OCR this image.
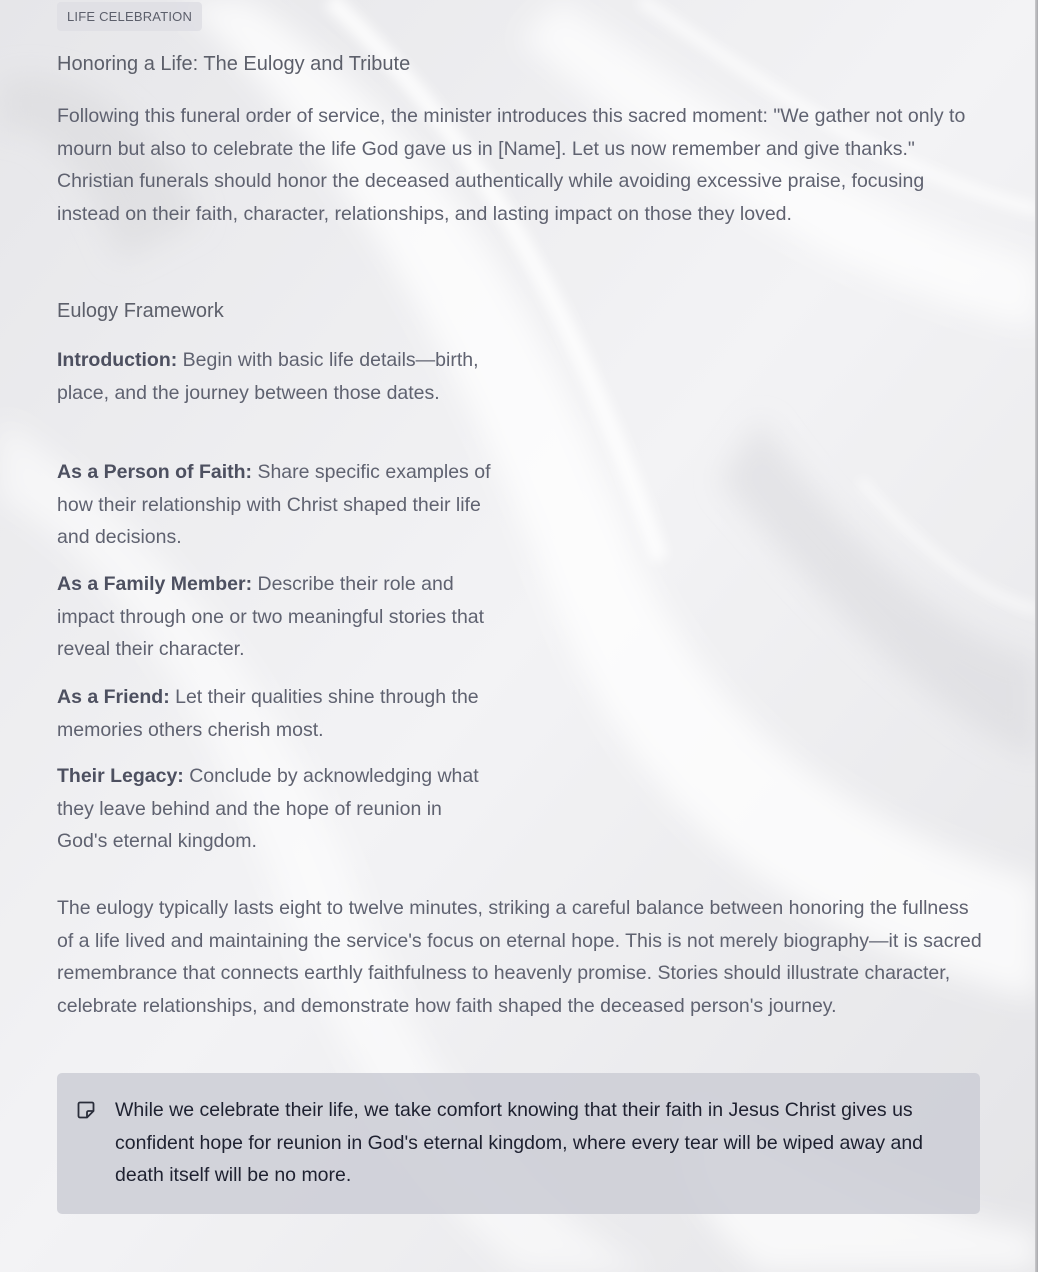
LIFE CELEBRATION
Honoring a Life: The Eulogy and Tribute

Following this funeral order of service, the minister introduces this sacred moment: "We gather not only to mourn but also to celebrate the life God gave us in [Name]. Let us now remember and give thanks." Christian funerals should honor the deceased authentically while avoiding excessive praise, focusing instead on their faith, character, relationships, and lasting impact on those they loved.

Eulogy Framework

Introduction: Begin with basic life details—birth, place, and the journey between those dates.

As a Person of Faith: Share specific examples of how their relationship with Christ shaped their life and decisions.

As a Family Member: Describe their role and impact through one or two meaningful stories that reveal their character.

As a Friend: Let their qualities shine through the memories others cherish most.

Their Legacy: Conclude by acknowledging what they leave behind and the hope of reunion in God's eternal kingdom.

The eulogy typically lasts eight to twelve minutes, striking a careful balance between honoring the fullness of a life lived and maintaining the service's focus on eternal hope. This is not merely biography—it is sacred remembrance that connects earthly faithfulness to heavenly promise. Stories should illustrate character, celebrate relationships, and demonstrate how faith shaped the deceased person's journey.

While we celebrate their life, we take comfort knowing that their faith in Jesus Christ gives us confident hope for reunion in God's eternal kingdom, where every tear will be wiped away and death itself will be no more.
